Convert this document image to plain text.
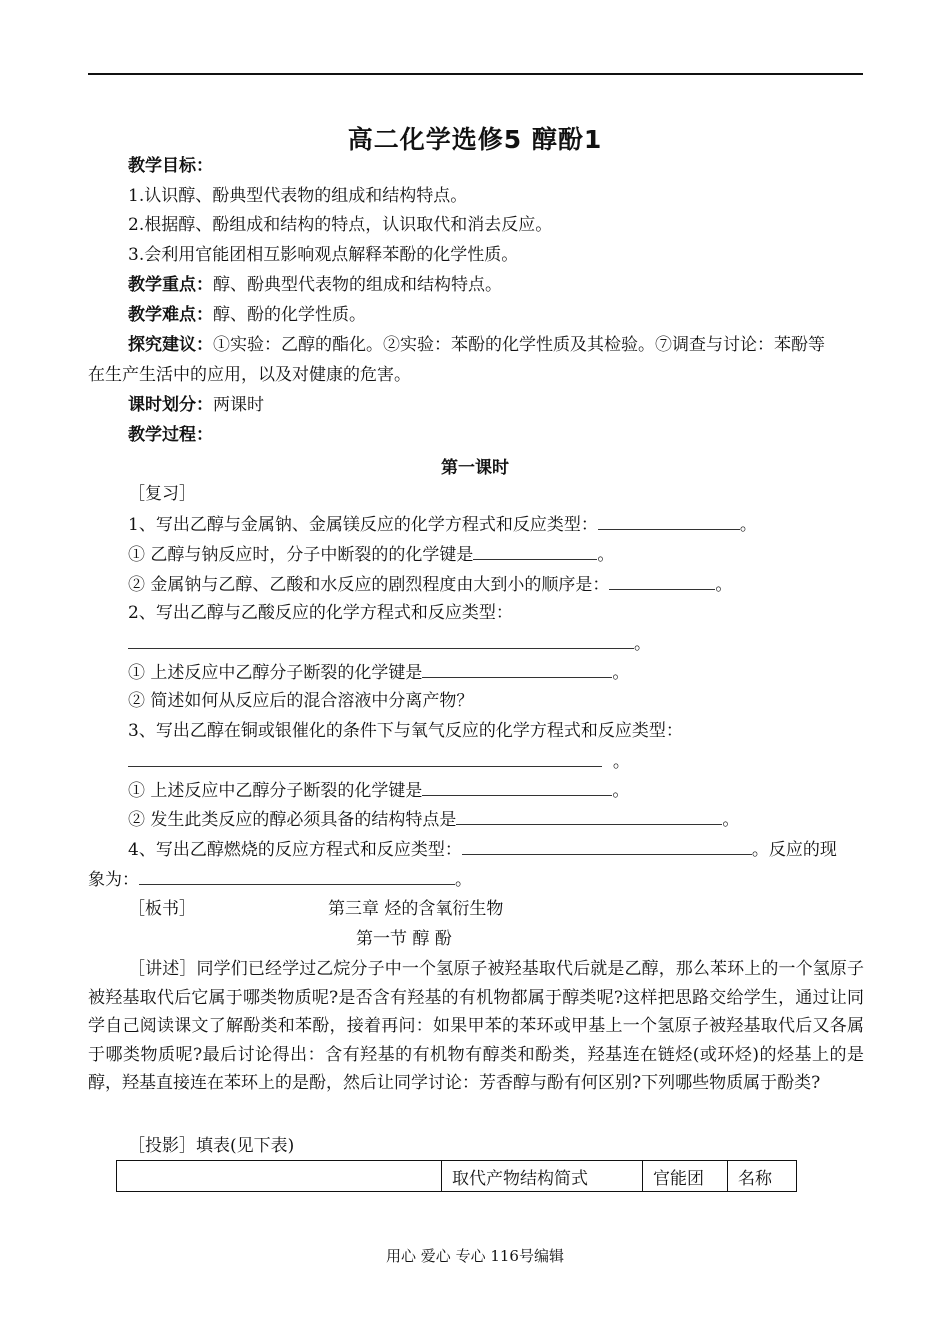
高二化学选修5 醇酚1
教学目标：
1.认识醇、酚典型代表物的组成和结构特点。
2.根据醇、酚组成和结构的特点，认识取代和消去反应。
3.会利用官能团相互影响观点解释苯酚的化学性质。
教学重点：醇、酚典型代表物的组成和结构特点。
教学难点：醇、酚的化学性质。
探究建议：①实验：乙醇的酯化。②实验：苯酚的化学性质及其检验。⑦调查与讨论：苯酚等
在生产生活中的应用，以及对健康的危害。
课时划分：两课时
教学过程：
第一课时
［复习］
1、写出乙醇与金属钠、金属镁反应的化学方程式和反应类型：	。
① 乙醇与钠反应时，分子中断裂的的化学键是	。
② 金属钠与乙醇、乙酸和水反应的剧烈程度由大到小的顺序是：	。
2、写出乙醇与乙酸反应的化学方程式和反应类型：
。
① 上述反应中乙醇分子断裂的化学键是	。
② 简述如何从反应后的混合溶液中分离产物？
3、写出乙醇在铜或银催化的条件下与氧气反应的化学方程式和反应类型：
。
① 上述反应中乙醇分子断裂的化学键是	。
② 发生此类反应的醇必须具备的结构特点是	。
4、写出乙醇燃烧的反应方程式和反应类型：	。反应的现
象为：	。
［板书］	第三章 烃的含氧衍生物
第一节 醇 酚
［讲述］同学们已经学过乙烷分子中一个氢原子被羟基取代后就是乙醇，那么苯环上的一个氢原子被羟基取代后它属于哪类物质呢?是否含有羟基的有机物都属于醇类呢?这样把思路交给学生，通过让同学自己阅读课文了解酚类和苯酚，接着再问：如果甲苯的苯环或甲基上一个氢原子被羟基取代后又各属于哪类物质呢?最后讨论得出：含有羟基的有机物有醇类和酚类，羟基连在链烃(或环烃)的烃基上的是醇，羟基直接连在苯环上的是酚，然后让同学讨论：芳香醇与酚有何区别?下列哪些物质属于酚类?
［投影］填表(见下表)
	取代产物结构简式	官能团	名称
用心 爱心 专心 116号编辑
